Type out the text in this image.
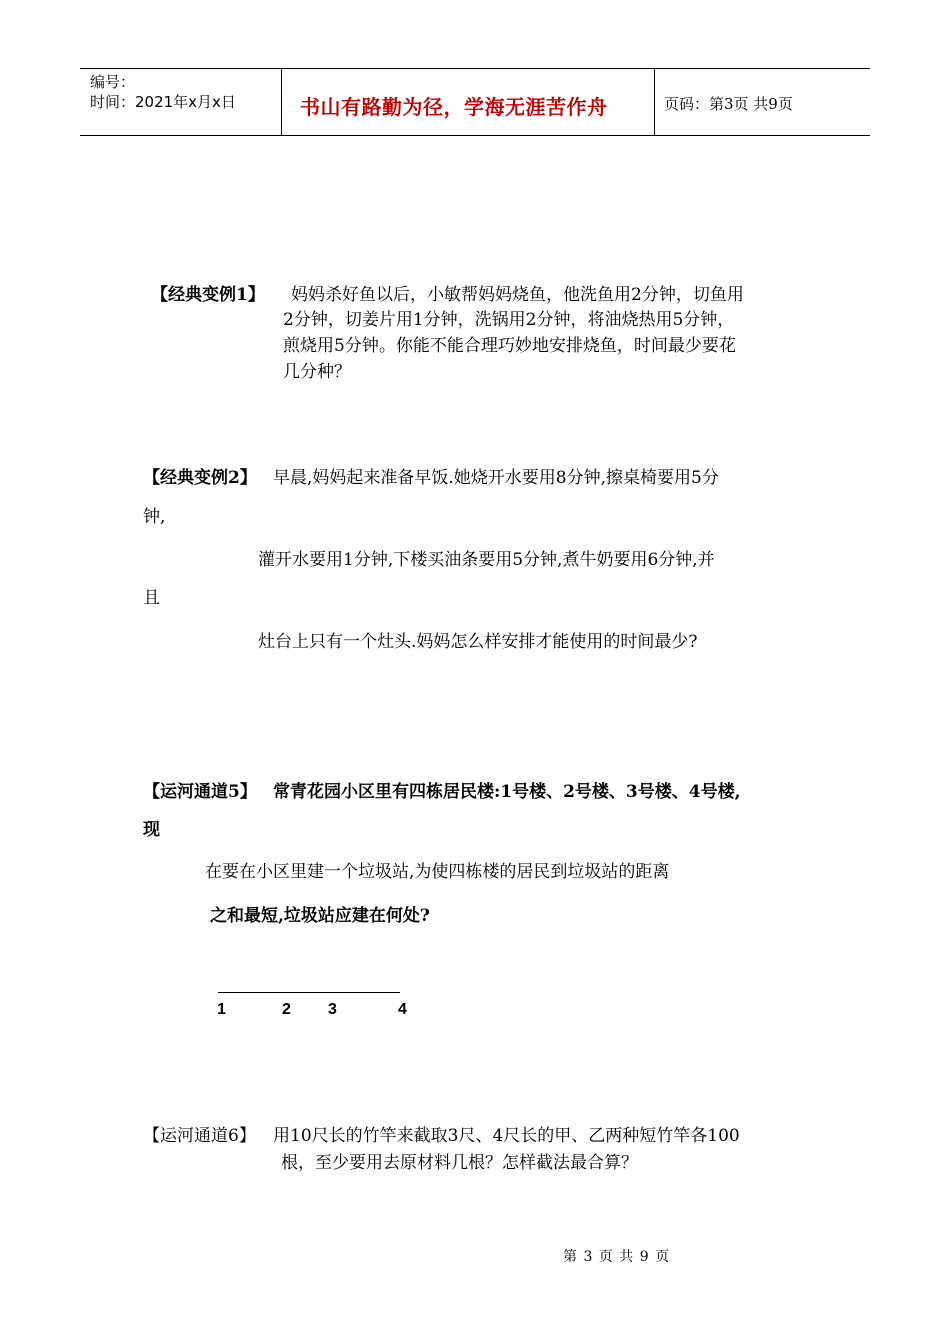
编号：
时间：2021年x月x日	书山有路勤为径，学海无涯苦作舟	页码：第3页 共9页
【经典变例1】 妈妈杀好鱼以后，小敏帮妈妈烧鱼，他洗鱼用2分钟，切鱼用
2分钟，切姜片用1分钟，洗锅用2分钟，将油烧热用5分钟，
煎烧用5分钟。你能不能合理巧妙地安排烧鱼，时间最少要花
几分种？
【经典变例2】 早晨,妈妈起来准备早饭.她烧开水要用8分钟,擦桌椅要用5分
钟,
灌开水要用1分钟,下楼买油条要用5分钟,煮牛奶要用6分钟,并
且
灶台上只有一个灶头.妈妈怎么样安排才能使用的时间最少?
【运河通道5】 常青花园小区里有四栋居民楼:1号楼、2号楼、3号楼、4号楼,
现
在要在小区里建一个垃圾站,为使四栋楼的居民到垃圾站的距离
之和最短,垃圾站应建在何处?
1	2 3	4
【运河通道6】 用10尺长的竹竿来截取3尺、4尺长的甲、乙两种短竹竿各100
根，至少要用去原材料几根？怎样截法最合算？
第 3 页 共 9 页
